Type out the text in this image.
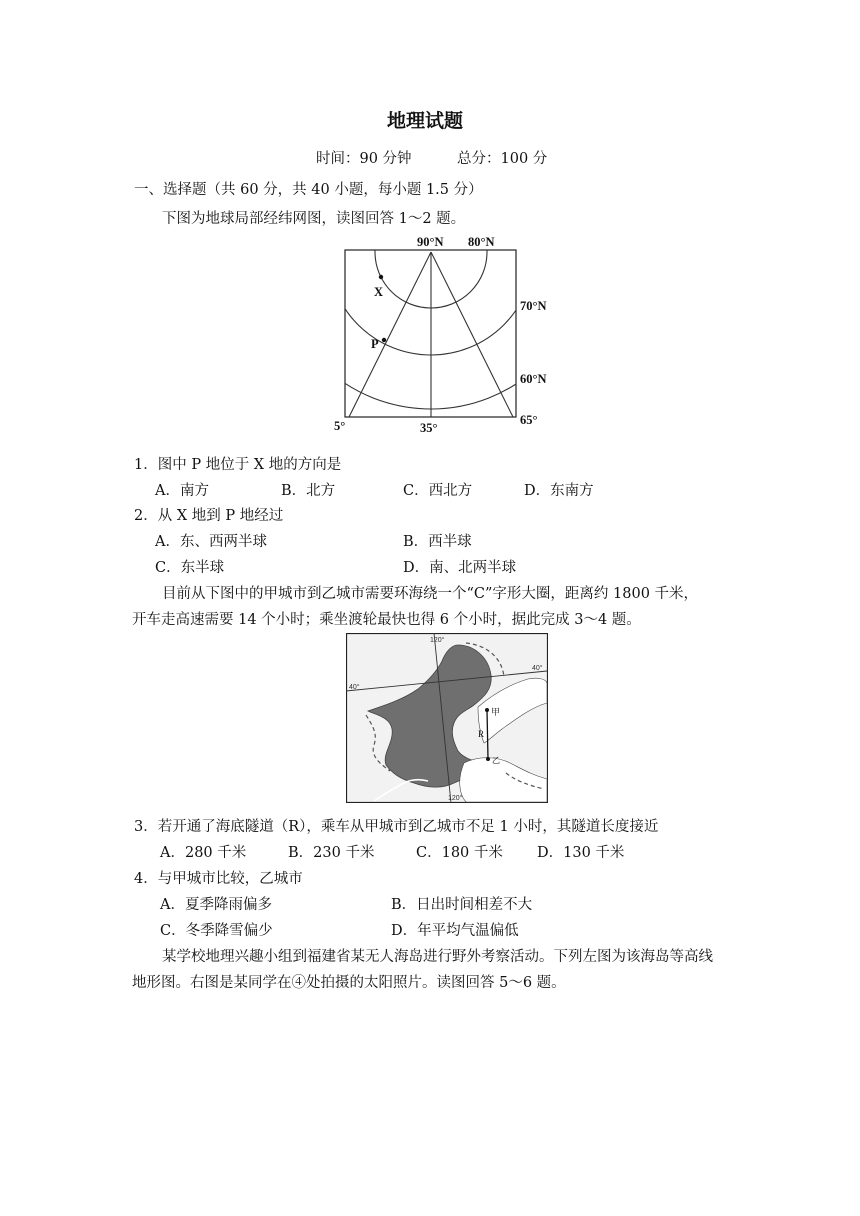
地理试题
时间：90 分钟	总分：100 分
一、选择题（共 60 分，共 40 小题，每小题 1.5 分）
下图为地球局部经纬网图，读图回答 1～2 题。
90°N 80°N
70°N
60°N
5°	35°
65°
X
P
1．图中 P 地位于 X 地的方向是
A．南方	B．北方	C．西北方	D．东南方
2．从 X 地到 P 地经过
A．东、西两半球	B．西半球
C．东半球	D．南、北两半球
目前从下图中的甲城市到乙城市需要环海绕一个“C”字形大圈，距离约 1800 千米，
开车走高速需要 14 个小时；乘坐渡轮最快也得 6 个小时，据此完成 3～4 题。
120°
40°
40°
甲
R
乙
120°
3．若开通了海底隧道（R），乘车从甲城市到乙城市不足 1 小时，其隧道长度接近
A．280 千米	B．230 千米	C．180 千米 D．130 千米
4．与甲城市比较，乙城市
A．夏季降雨偏多	B．日出时间相差不大
C．冬季降雪偏少	D．年平均气温偏低
某学校地理兴趣小组到福建省某无人海岛进行野外考察活动。下列左图为该海岛等高线
地形图。右图是某同学在④处拍摄的太阳照片。读图回答 5～6 题。
